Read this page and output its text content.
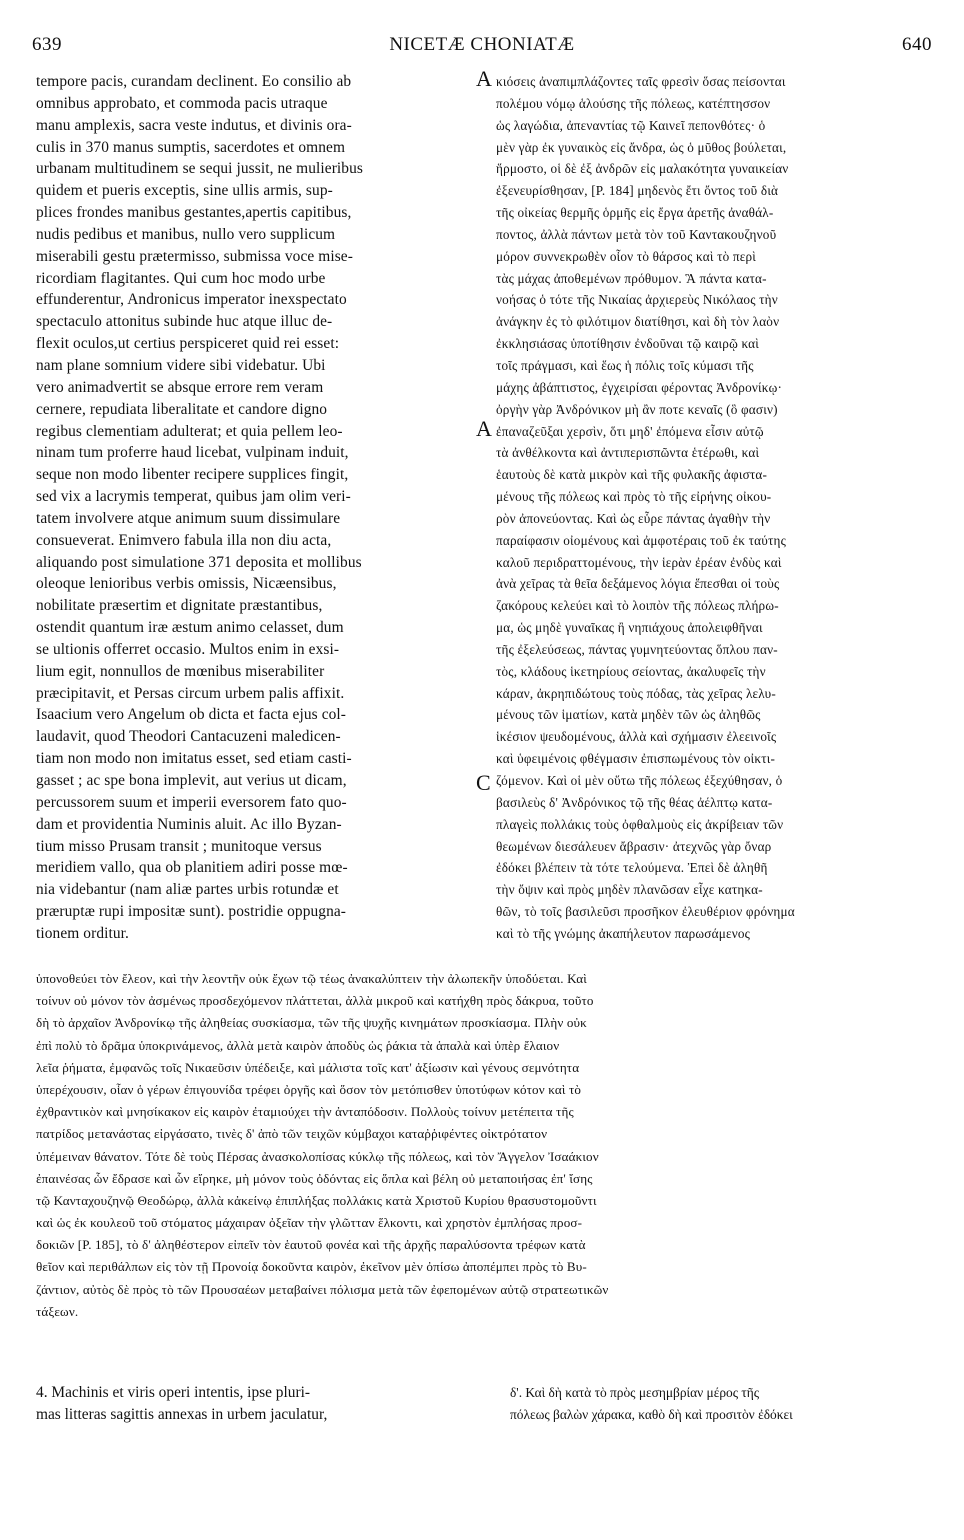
639	NICETÆ CHONIATÆ	640
tempore pacis, curandam declinent. Eo consilio ab
omnibus approbato, et commoda pacis utraque
manu amplexis, sacra veste indutus, et divinis ora-
culis in 370 manus sumptis, sacerdotes et omnem
urbanam multitudinem se sequi jussit, ne mulieribus
quidem et pueris exceptis, sine ullis armis, sup-
plices frondes manibus gestantes,apertis capitibus,
nudis pedibus et manibus, nullo vero supplicum
miserabili gestu prætermisso, submissa voce mise-
ricordiam flagitantes. Qui cum hoc modo urbe
effunderentur, Andronicus imperator inexspectato
spectaculo attonitus subinde huc atque illuc de-
flexit oculos,ut certius perspiceret quid rei esset:
nam plane somnium videre sibi videbatur. Ubi
vero animadvertit se absque errore rem veram
cernere, repudiata liberalitate et candore digno
regibus clementiam adulterat; et quia pellem leo-
ninam tum proferre haud licebat, vulpinam induit,
seque non modo libenter recipere supplices fingit,
sed vix a lacrymis temperat, quibus jam olim veri-
tatem involvere atque animum suum dissimulare
consueverat. Enimvero fabula illa non diu acta,
aliquando post simulatione 371 deposita et mollibus
oleoque lenioribus verbis omissis, Nicæensibus,
nobilitate præsertim et dignitate præstantibus,
ostendit quantum iræ æstum animo celasset, dum
se ultionis offerret occasio. Multos enim in exsi-
lium egit, nonnullos de mœnibus miserabiliter
præcipitavit, et Persas circum urbem palis affixit.
Isaacium vero Angelum ob dicta et facta ejus col-
laudavit, quod Theodori Cantacuzeni maledicen-
tiam non modo non imitatus esset, sed etiam casti-
gasset ; ac spe bona implevit, aut verius ut dicam,
percussorem suum et imperii eversorem fato quo-
dam et providentia Numinis aluit. Ac illo Byzan-
tium misso Prusam transit ; munitoque versus
meridiem vallo, qua ob planitiem adiri posse mœ-
nia videbantur (nam aliæ partes urbis rotundæ et
præruptæ rupi impositæ sunt). postridie oppugna-
tionem orditur.
κιόσεις ἀναπιμπλάζοντες ταῖς φρεσὶν ὅσας πείσονται
πολέμου νόμῳ ἁλούσης τῆς πόλεως, κατέπτησσον
ὡς λαγώδια, ἀπεναντίας τῷ Καινεῖ πεπονθότες· ὁ
μὲν γὰρ ἐκ γυναικὸς εἰς ἄνδρα, ὡς ὁ μῦθος βούλεται,
ἥρμοστο, οἱ δὲ ἐξ ἀνδρῶν εἰς μαλακότητα γυναικείαν
ἐξενευρίσθησαν, [P. 184] μηδενὸς ἔτι ὄντος τοῦ διὰ
τῆς οἰκείας θερμῆς ὁρμῆς εἰς ἔργα ἀρετῆς ἀναθάλ-
ποντος, ἀλλὰ πάντων μετὰ τὸν τοῦ Καντακουζηνοῦ
μόρον συννεκρωθὲν οἷον τὸ θάρσος καὶ τὸ περὶ
τὰς μάχας ἀποθεμένων πρόθυμον. Ἃ πάντα κατα-
νοήσας ὁ τότε τῆς Νικαίας ἀρχιερεὺς Νικόλαος τὴν
ἀνάγκην ἐς τὸ φιλότιμον διατίθησι, καὶ δὴ τὸν λαὸν
ἐκκλησιάσας ὑποτίθησιν ἐνδοῦναι τῷ καιρῷ καὶ
τοῖς πράγμασι, καὶ ἕως ἡ πόλις τοῖς κύμασι τῆς
μάχης ἀβάπτιστος, ἐγχειρίσαι φέροντας Ἀνδρονίκῳ·
ὀργὴν γὰρ Ἀνδρόνικον μὴ ἂν ποτε κεναῖς (ὃ φασιν)
ἐπαναζεῦξαι χερσὶν, ὅτι μηδ' ἐπόμενα εἶσιν αὐτῷ
τὰ ἀνθέλκοντα καὶ ἀντιπερισπῶντα ἑτέρωθι, καὶ
ἑαυτοὺς δὲ κατὰ μικρὸν καὶ τῆς φυλακῆς ἀφιστα-
μένους τῆς πόλεως καὶ πρὸς τὸ τῆς εἰρήνης οἰκου-
ρὸν ἀπονεύοντας. Καὶ ὡς εὗρε πάντας ἀγαθὴν τὴν
παραίφασιν οἰομένους καὶ ἀμφοτέραις τοῦ ἐκ ταύτης
καλοῦ περιδραττομένους, τὴν ἱερὰν ἐρέαν ἐνδὺς καὶ
ἀνὰ χεῖρας τὰ θεῖα δεξάμενος λόγια ἕπεσθαι οἱ τοὺς
ζακόρους κελεύει καὶ τὸ λοιπὸν τῆς πόλεως πλήρω-
μα, ὡς μηδὲ γυναῖκας ἢ νηπιάχους ἀπολειφθῆναι
τῆς ἐξελεύσεως, πάντας γυμνητεύοντας ὅπλου παν-
τὸς, κλάδους ἱκετηρίους σείοντας, ἀκαλυφεῖς τὴν
κάραν, ἀκρηπιδώτους τοὺς πόδας, τὰς χεῖρας λελυ-
μένους τῶν ἱματίων, κατὰ μηδὲν τῶν ὡς ἀληθῶς
ἱκέσιον ψευδομένους, ἀλλὰ καὶ σχήμασιν ἐλεεινοῖς
καὶ ὑφειμένοις φθέγμασιν ἐπισπωμένους τὸν οἰκτι-
ζόμενον. Καὶ οἱ μὲν οὕτω τῆς πόλεως ἐξεχύθησαν, ὁ
βασιλεὺς δ' Ἀνδρόνικος τῷ τῆς θέας ἀέλπτῳ κατα-
πλαγεὶς πολλάκις τοὺς ὀφθαλμοὺς εἰς ἀκρίβειαν τῶν
θεωμένων διεσάλευεν ἄβρασιν· ἀτεχνῶς γὰρ ὄναρ
ἐδόκει βλέπειν τὰ τότε τελούμενα. Ἐπεὶ δὲ ἀληθῆ
τὴν ὄψιν καὶ πρὸς μηδὲν πλανῶσαν εἶχε κατηκα-
θῶν, τὸ τοῖς βασιλεῦσι προσῆκον ἐλευθέριον φρόνημα
καὶ τὸ τῆς γνώμης ἀκαπήλευτον παρωσάμενος
ὑπονοθεύει τὸν ἔλεον, καὶ τὴν λεοντῆν οὐκ ἔχων τῷ τέως ἀνακαλύπτειν τὴν ἀλωπεκῆν ὑποδύεται. Καὶ
τοίνυν οὐ μόνον τὸν ἀσμένως προσδεχόμενον πλάττεται, ἀλλὰ μικροῦ καὶ κατήχθη πρὸς δάκρυα, τοῦτο
δὴ τὸ ἀρχαῖον Ἀνδρονίκῳ τῆς ἀληθείας συσκίασμα, τῶν τῆς ψυχῆς κινημάτων προσκίασμα. Πλὴν οὐκ
ἐπὶ πολὺ τὸ δρᾶμα ὑποκρινάμενος, ἀλλὰ μετὰ καιρὸν ἀποδὺς ὡς ῥάκια τὰ ἁπαλὰ καὶ ὑπὲρ ἔλαιον
λεῖα ῥήματα, ἐμφανῶς τοῖς Νικαεῦσιν ὑπέδειξε, καὶ μάλιστα τοῖς κατ' ἀξίωσιν καὶ γένους σεμνότητα
ὑπερέχουσιν, οἷαν ὁ γέρων ἐπιγουνίδα τρέφει ὀργῆς καὶ ὅσον τὸν μετόπισθεν ὑποτύφων κότον καὶ τὸ
ἐχθραντικὸν καὶ μνησίκακον εἰς καιρὸν ἐταμιούχει τὴν ἀνταπόδοσιν. Πολλοὺς τοίνυν μετέπειτα τῆς
πατρίδος μετανάστας εἰργάσατο, τινὲς δ' ἀπὸ τῶν τειχῶν κύμβαχοι καταῤῥιφέντες οἰκτρότατον
ὑπέμειναν θάνατον. Τότε δὲ τοὺς Πέρσας ἀνασκολοπίσας κύκλῳ τῆς πόλεως, καὶ τὸν Ἄγγελον Ἰσαάκιον
ἐπαινέσας ὧν ἔδρασε καὶ ὧν εἴρηκε, μὴ μόνον τοὺς ὀδόντας εἰς ὅπλα καὶ βέλη οὐ μεταποιήσας ἐπ' ἴσης
τῷ Κανταχουζηνῷ Θεοδώρῳ, ἀλλὰ κἀκείνῳ ἐπιπλήξας πολλάκις κατὰ Χριστοῦ Κυρίου θρασυστομοῦντι
καὶ ὡς ἐκ κουλεοῦ τοῦ στόματος μάχαιραν ὀξεῖαν τὴν γλῶτταν ἕλκοντι, καὶ χρηστὸν ἐμπλήσας προσ-
δοκιῶν [P. 185], τὸ δ' ἀληθέστερον εἰπεῖν τὸν ἑαυτοῦ φονέα καὶ τῆς ἀρχῆς παραλύσοντα τρέφων κατὰ
θεῖον καὶ περιθάλπων εἰς τὸν τῇ Προνοίᾳ δοκοῦντα καιρὸν, ἐκεῖνον μὲν ὀπίσω ἀποπέμπει πρὸς τὸ Βυ-
ζάντιον, αὐτὸς δὲ πρὸς τὸ τῶν Προυσαέων μεταβαίνει πόλισμα μετὰ τῶν ἐφεπομένων αὐτῷ στρατεωτικῶν
τάξεων.
4. Machinis et viris operi intentis, ipse pluri-
mas litteras sagittis annexas in urbem jaculatur,
δ'. Καὶ δὴ κατὰ τὸ πρὸς μεσημβρίαν μέρος τῆς
πόλεως βαλὼν χάρακα, καθὸ δὴ καὶ προσιτὸν ἐδόκει
A
A
C
